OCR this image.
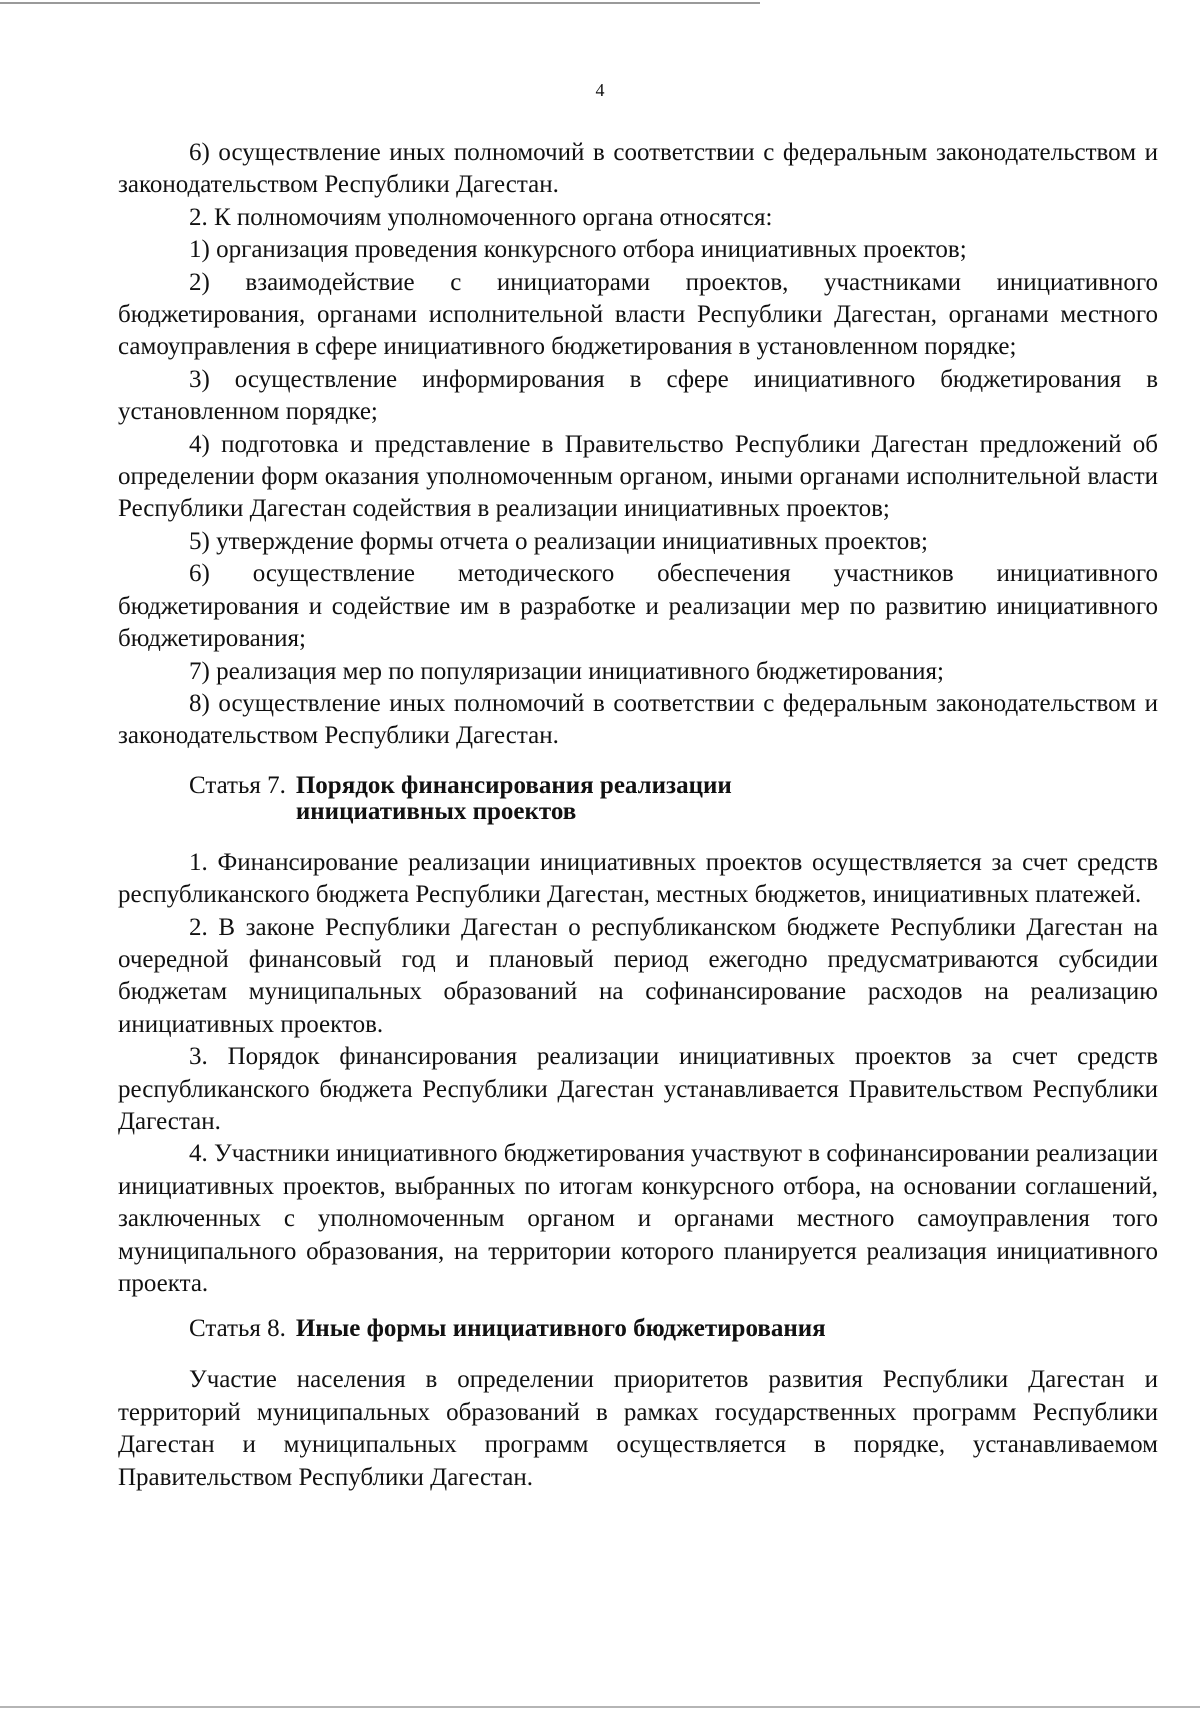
4

6) осуществление иных полномочий в соответствии с федеральным законодательством и законодательством Республики Дагестан.

2. К полномочиям уполномоченного органа относятся:

1) организация проведения конкурсного отбора инициативных проектов;

2) взаимодействие с инициаторами проектов, участниками инициативного бюджетирования, органами исполнительной власти Республики Дагестан, органами местного самоуправления в сфере инициативного бюджетирования в установленном порядке;

3) осуществление информирования в сфере инициативного бюджетирования в установленном порядке;

4) подготовка и представление в Правительство Республики Дагестан предложений об определении форм оказания уполномоченным органом, иными органами исполнительной власти Республики Дагестан содействия в реализации инициативных проектов;

5) утверждение формы отчета о реализации инициативных проектов;

6) осуществление методического обеспечения участников инициативного бюджетирования и содействие им в разработке и реализации мер по развитию инициативного бюджетирования;

7) реализация мер по популяризации инициативного бюджетирования;

8) осуществление иных полномочий в соответствии с федеральным законодательством и законодательством Республики Дагестан.

Статья 7. Порядок финансирования реализации инициативных проектов

1. Финансирование реализации инициативных проектов осуществляется за счет средств республиканского бюджета Республики Дагестан, местных бюджетов, инициативных платежей.

2. В законе Республики Дагестан о республиканском бюджете Республики Дагестан на очередной финансовый год и плановый период ежегодно предусматриваются субсидии бюджетам муниципальных образований на софинансирование расходов на реализацию инициативных проектов.

3. Порядок финансирования реализации инициативных проектов за счет средств республиканского бюджета Республики Дагестан устанавливается Правительством Республики Дагестан.

4. Участники инициативного бюджетирования участвуют в софинансировании реализации инициативных проектов, выбранных по итогам конкурсного отбора, на основании соглашений, заключенных с уполномоченным органом и органами местного самоуправления того муниципального образования, на территории которого планируется реализация инициативного проекта.

Статья 8. Иные формы инициативного бюджетирования

Участие населения в определении приоритетов развития Республики Дагестан и территорий муниципальных образований в рамках государственных программ Республики Дагестан и муниципальных программ осуществляется в порядке, устанавливаемом Правительством Республики Дагестан.
